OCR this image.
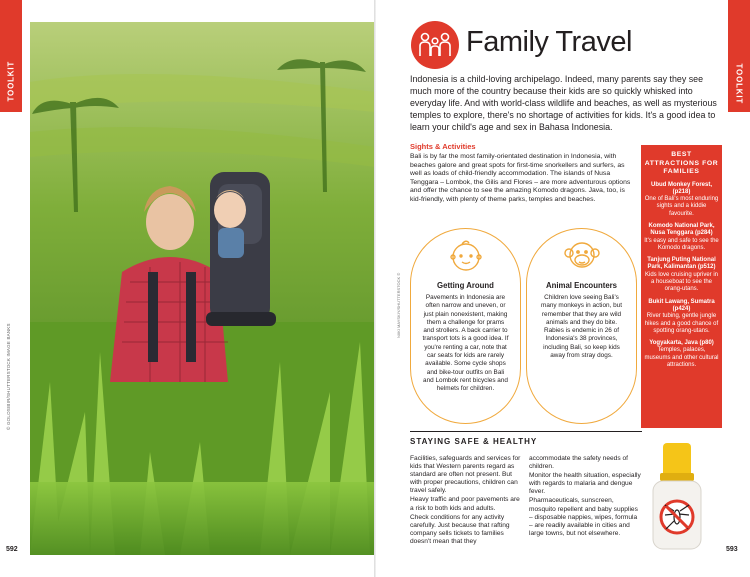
TOOLKIT
© GOLOSIBIR/SHUTTERSTOCK IMAGE BANKS
592
TOOLKIT
Family Travel
Indonesia is a child-loving archipelago. Indeed, many parents say they see much more of the country because their kids are so quickly whisked into everyday life. And with world-class wildlife and beaches, as well as mysterious temples to explore, there's no shortage of activities for kids. It's a good idea to learn your child's age and sex in Bahasa Indonesia.
Sights & Activities
Bali is by far the most family-orientated destination in Indonesia, with beaches galore and great spots for first-time snorkellers and surfers, as well as loads of child-friendly accommodation. The islands of Nusa Tenggara – Lombok, the Gilis and Flores – are more adventurous options and offer the chance to see the amazing Komodo dragons. Java, too, is kid-friendly, with plenty of theme parks, temples and beaches.
NIIKI MAYSKIY/SHUTTERSTOCK ©	Getting Around
Pavements in Indonesia are often narrow and uneven, or just plain nonexistent, making them a challenge for prams and strollers. A back carrier to transport tots is a good idea. If you're renting a car, note that car seats for kids are rarely available. Some cycle shops and bike-tour outfits on Bali and Lombok rent bicycles and helmets for children.
Animal Encounters
Children love seeing Bali's many monkeys in action, but remember that they are wild animals and they do bite. Rabies is endemic in 26 of Indonesia's 38 provinces, including Bali, so keep kids away from stray dogs.
BEST ATTRACTIONS FOR FAMILIES
Ubud Monkey Forest, (p218)
One of Bali's most enduring sights and a kiddie favourite.
Komodo National Park, Nusa Tenggara (p284)
It's easy and safe to see the Komodo dragons.
Tanjung Puting National Park, Kalimantan (p512)
Kids love cruising upriver in a houseboat to see the orang-utans.
Bukit Lawang, Sumatra (p424)
River tubing, gentle jungle hikes and a good chance of spotting orang-utans.
Yogyakarta, Java (p80)
Temples, palaces, museums and other cultural attractions.
STAYING SAFE & HEALTHY

Facilities, safeguards and services for kids that Western parents regard as standard are often not present. But with proper precautions, children can travel safely.

Heavy traffic and poor pavements are a risk to both kids and adults.

Check conditions for any activity carefully. Just because that rafting company sells tickets to families doesn't mean that they

accommodate the safety needs of children.

Monitor the health situation, especially with regards to malaria and dengue fever.

Pharmaceuticals, sunscreen, mosquito repellent and baby supplies – disposable nappies, wipes, formula – are readily available in cities and large towns, but not elsewhere.

593
